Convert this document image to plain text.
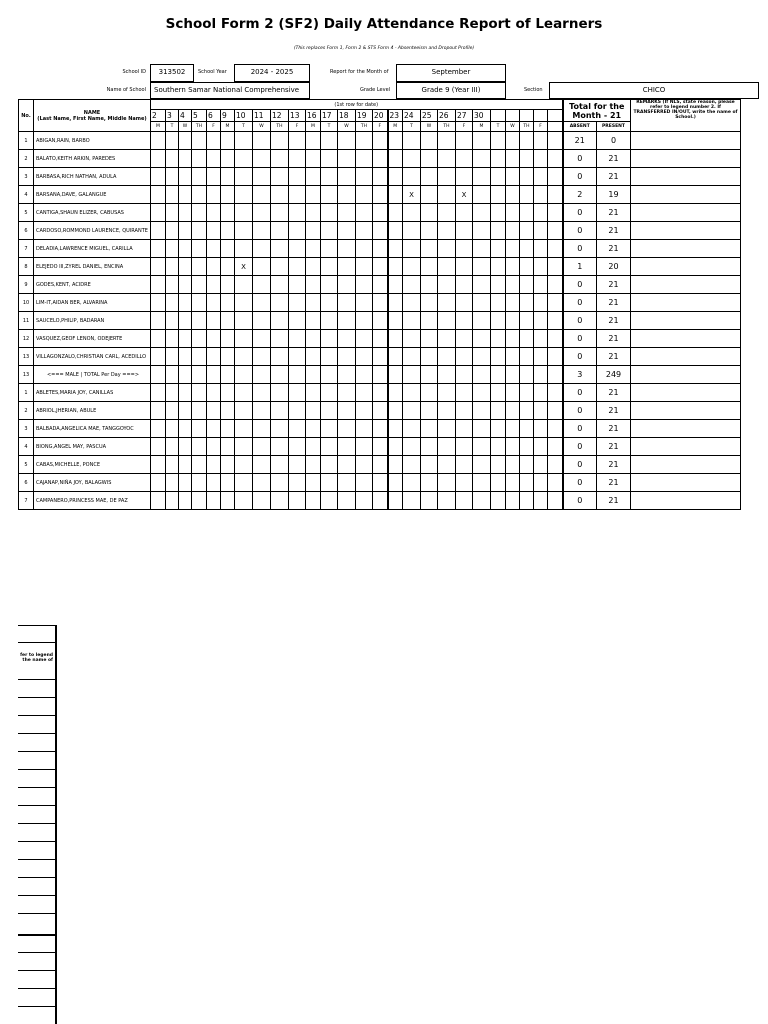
School Form 2 (SF2) Daily Attendance Report of Learners
(This replaces Form 1, Form 2 & STS Form 4 - Absenteeism and Dropout Profile)
School ID	313502	School Year	2024 - 2025	Report for the Month of	September
Name of School	Southern Samar National Comprehensive	Grade Level	Grade 9 (Year III)	Section	CHICO
No.	NAME
(Last Name, First Name, Middle Name)	(1st row for date)																										Total for the Month - 21		REMARKS (If NLS, state reason, please refer to legend number 2. If TRANSFERRED IN/OUT, write the name of School.)
		2	3	4	5	6	9	10	11	12	13	16	17	18	19	20	23	24	25	26	27	30								
		M	T	W	TH	F	M	T	W	TH	F	M	T	W	TH	F	M	T	W	TH	F	M	T	W	TH	F		ABSENT	PRESENT	
1	ABIGAN,RAIN, BARBO																											21	0	
2	BALATO,KEITH ARKIN, PAREDES																											0	21	
3	BARBASA,RICH NATHAN, ADULA																											0	21	
4	BARSANA,DAVE, GALANGUE																	X			X							2	19	
5	CANTIGA,SHAUN ELIZER, CABUSAS																											0	21	
6	CARDOSO,ROMMOND LAURENCE, QUIRANTE																											0	21	
7	DELADIA,LAWRENCE MIGUEL, CARILLA																											0	21	
8	ELEJEDO III,ZYREL DANIEL, ENCINA							X																				1	20	
9	GODES,KENT, ACIDRE																											0	21	
10	LIM-IT,AIDAN BER, ALVARINA																											0	21	
11	SAUCELO,PHILIP, BADARAN																											0	21	
12	VASQUEZ,GEOF LENON, ODEJERTE																											0	21	
13	VILLAGONZALO,CHRISTIAN CARL, ACEDILLO																											0	21	
13	<=== MALE | TOTAL Per Day ===>																											3	249	
1	ABLETES,MARIA JOY, CANILLAS																											0	21	
2	ABRIOL,JHERIAN, ABULE																											0	21	
3	BALBADA,ANGELICA MAE, TANGGOYOC																											0	21	
4	BIONG,ANGEL MAY, PASCUA																											0	21	
5	CABAS,MICHELLE, PONCE																											0	21	
6	CAJANAP,NIÑA JOY, BALAGWIS																											0	21	
7	CAMPANERO,PRINCESS MAE, DE PAZ																											0	21	
fer to legend the name of
